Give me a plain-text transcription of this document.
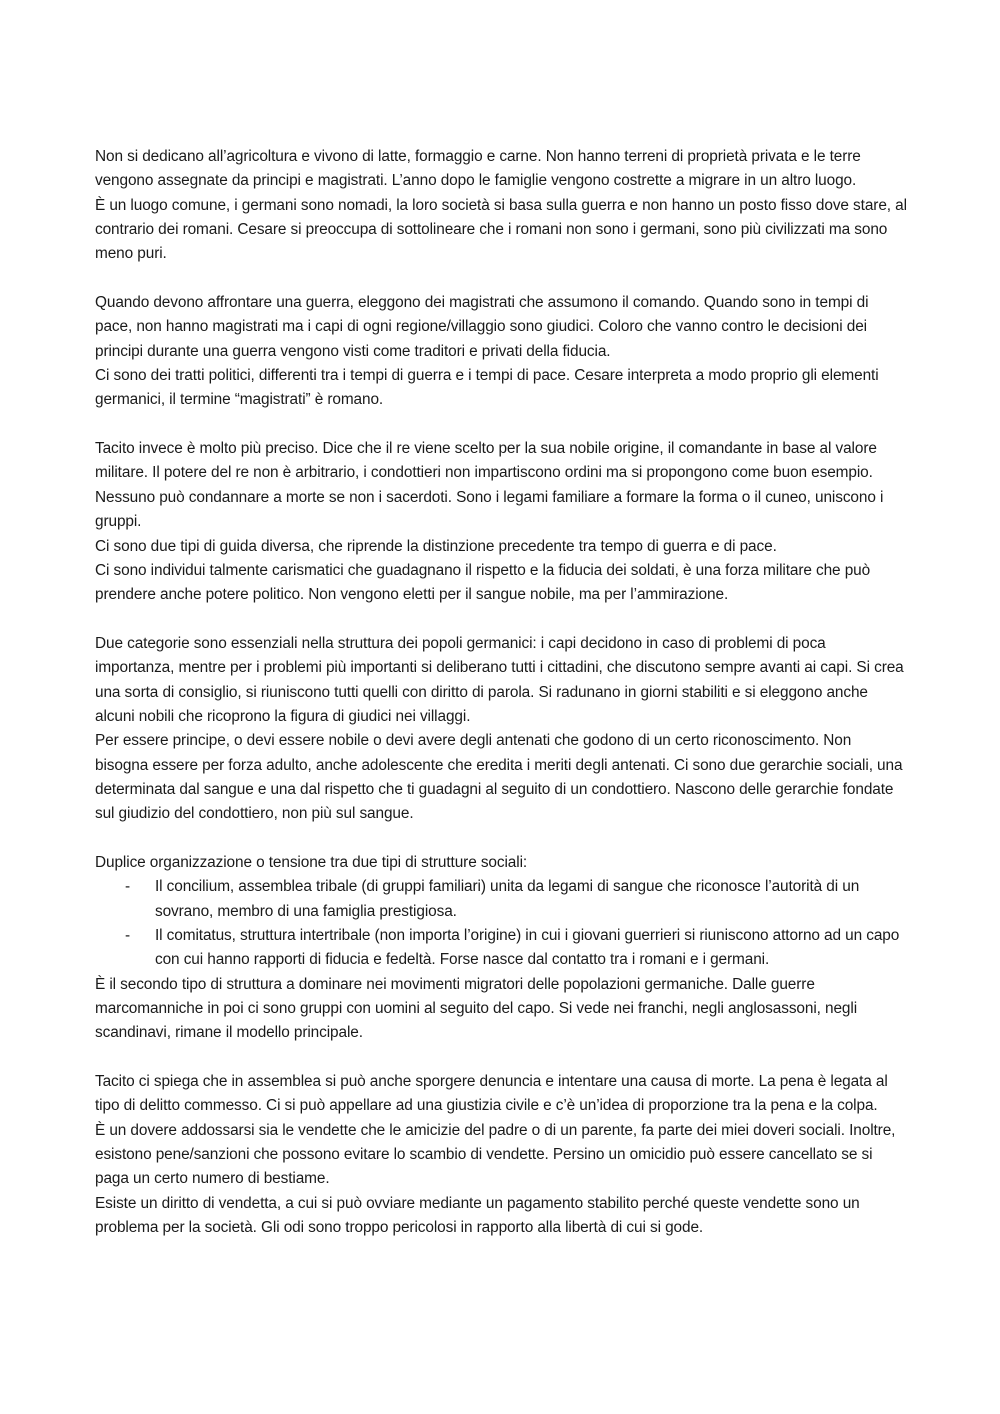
Non si dedicano all’agricoltura e vivono di latte, formaggio e carne. Non hanno terreni di proprietà privata e le terre vengono assegnate da principi e magistrati. L’anno dopo le famiglie vengono costrette a migrare in un altro luogo.

È un luogo comune, i germani sono nomadi, la loro società si basa sulla guerra e non hanno un posto fisso dove stare, al contrario dei romani. Cesare si preoccupa di sottolineare che i romani non sono i germani, sono più civilizzati ma sono meno puri.

Quando devono affrontare una guerra, eleggono dei magistrati che assumono il comando. Quando sono in tempi di pace, non hanno magistrati ma i capi di ogni regione/villaggio sono giudici. Coloro che vanno contro le decisioni dei principi durante una guerra vengono visti come traditori e privati della fiducia.

Ci sono dei tratti politici, differenti tra i tempi di guerra e i tempi di pace. Cesare interpreta a modo proprio gli elementi germanici, il termine “magistrati” è romano.

Tacito invece è molto più preciso. Dice che il re viene scelto per la sua nobile origine, il comandante in base al valore militare. Il potere del re non è arbitrario, i condottieri non impartiscono ordini ma si propongono come buon esempio. Nessuno può condannare a morte se non i sacerdoti. Sono i legami familiare a formare la forma o il cuneo, uniscono i gruppi.

Ci sono due tipi di guida diversa, che riprende la distinzione precedente tra tempo di guerra e di pace.

Ci sono individui talmente carismatici che guadagnano il rispetto e la fiducia dei soldati, è una forza militare che può prendere anche potere politico. Non vengono eletti per il sangue nobile, ma per l’ammirazione.

Due categorie sono essenziali nella struttura dei popoli germanici: i capi decidono in caso di problemi di poca importanza, mentre per i problemi più importanti si deliberano tutti i cittadini, che discutono sempre avanti ai capi. Si crea una sorta di consiglio, si riuniscono tutti quelli con diritto di parola. Si radunano in giorni stabiliti e si eleggono anche alcuni nobili che ricoprono la figura di giudici nei villaggi.

Per essere principe, o devi essere nobile o devi avere degli antenati che godono di un certo riconoscimento. Non bisogna essere per forza adulto, anche adolescente che eredita i meriti degli antenati. Ci sono due gerarchie sociali, una determinata dal sangue e una dal rispetto che ti guadagni al seguito di un condottiero. Nascono delle gerarchie fondate sul giudizio del condottiero, non più sul sangue.

Duplice organizzazione o tensione tra due tipi di strutture sociali:

- Il concilium, assemblea tribale (di gruppi familiari) unita da legami di sangue che riconosce l’autorità di un sovrano, membro di una famiglia prestigiosa.
- Il comitatus, struttura intertribale (non importa l’origine) in cui i giovani guerrieri si riuniscono attorno ad un capo con cui hanno rapporti di fiducia e fedeltà. Forse nasce dal contatto tra i romani e i germani.

È il secondo tipo di struttura a dominare nei movimenti migratori delle popolazioni germaniche. Dalle guerre marcomanniche in poi ci sono gruppi con uomini al seguito del capo. Si vede nei franchi, negli anglosassoni, negli scandinavi, rimane il modello principale.

Tacito ci spiega che in assemblea si può anche sporgere denuncia e intentare una causa di morte. La pena è legata al tipo di delitto commesso. Ci si può appellare ad una giustizia civile e c’è un’idea di proporzione tra la pena e la colpa.

È un dovere addossarsi sia le vendette che le amicizie del padre o di un parente, fa parte dei miei doveri sociali. Inoltre, esistono pene/sanzioni che possono evitare lo scambio di vendette. Persino un omicidio può essere cancellato se si paga un certo numero di bestiame.

Esiste un diritto di vendetta, a cui si può ovviare mediante un pagamento stabilito perché queste vendette sono un problema per la società. Gli odi sono troppo pericolosi in rapporto alla libertà di cui si gode.
